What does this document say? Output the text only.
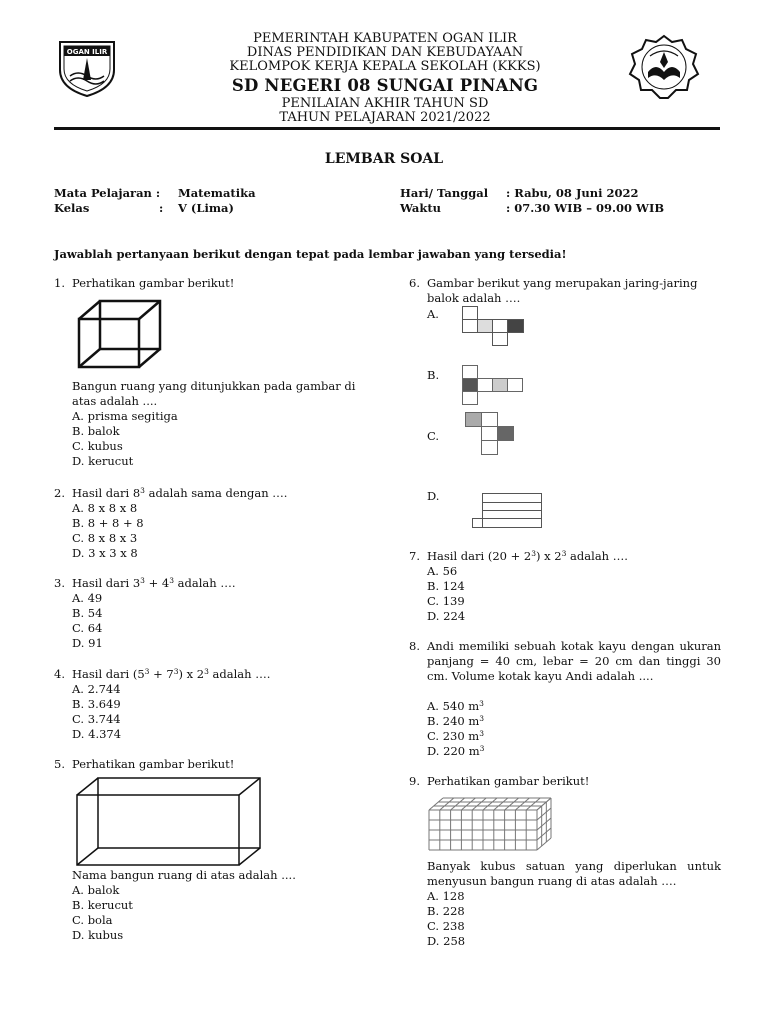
OGAN ILIR
PEMERINTAH KABUPATEN OGAN ILIR
DINAS PENDIDIKAN DAN KEBUDAYAAN
KELOMPOK KERJA KEPALA SEKOLAH (KKKS)
SD NEGERI 08 SUNGAI PINANG
PENILAIAN AKHIR TAHUN SD
TAHUN PELAJARAN 2021/2022
LEMBAR SOAL
Mata Pelajaran : Matematika
Kelas	: V (Lima)
Hari/ Tanggal : Rabu, 08 Juni 2022
Waktu	: 07.30 WIB – 09.00 WIB
Jawablah pertanyaan berikut dengan tepat pada lembar jawaban yang tersedia!
1. Perhatikan gambar berikut!
Bangun ruang yang ditunjukkan pada gambar di
atas adalah ....
A. prisma segitiga
B. balok
C. kubus
D. kerucut
2. Hasil dari $8^3$ adalah sama dengan ….
A. 8 x 8 x 8
B. 8 + 8 + 8
C. 8 x 8 x 3
D. 3 x 3 x 8
3. Hasil dari $3^3 + 4^3$ adalah ….
A. 49
B. 54
C. 64
D. 91
4. Hasil dari $(5^3 + 7^3)$ x $2^3$ adalah ….
A. 2.744
B. 3.649
C. 3.744
D. 4.374
5. Perhatikan gambar berikut!
Nama bangun ruang di atas adalah ....
A. balok
B. kerucut
C. bola
D. kubus
6. Gambar berikut yang merupakan jaring-jaring
balok adalah ….
A.
B.
C.
D.
7. Hasil dari $(20 + 2^3)$ x $2^3$ adalah ….
A. 56
B. 124
C. 139
D. 224
8. Andi memiliki sebuah kotak kayu dengan ukuran panjang = 40 cm, lebar = 20 cm dan tinggi 30 cm. Volume kotak kayu Andi adalah ....
A. 540 $m^3$
B. 240 $m^3$
C. 230 $m^3$
D. 220 $m^3$
9. Perhatikan gambar berikut!
Banyak kubus satuan yang diperlukan untuk menyusun bangun ruang di atas adalah ….
A. 128
B. 228
C. 238
D. 258
